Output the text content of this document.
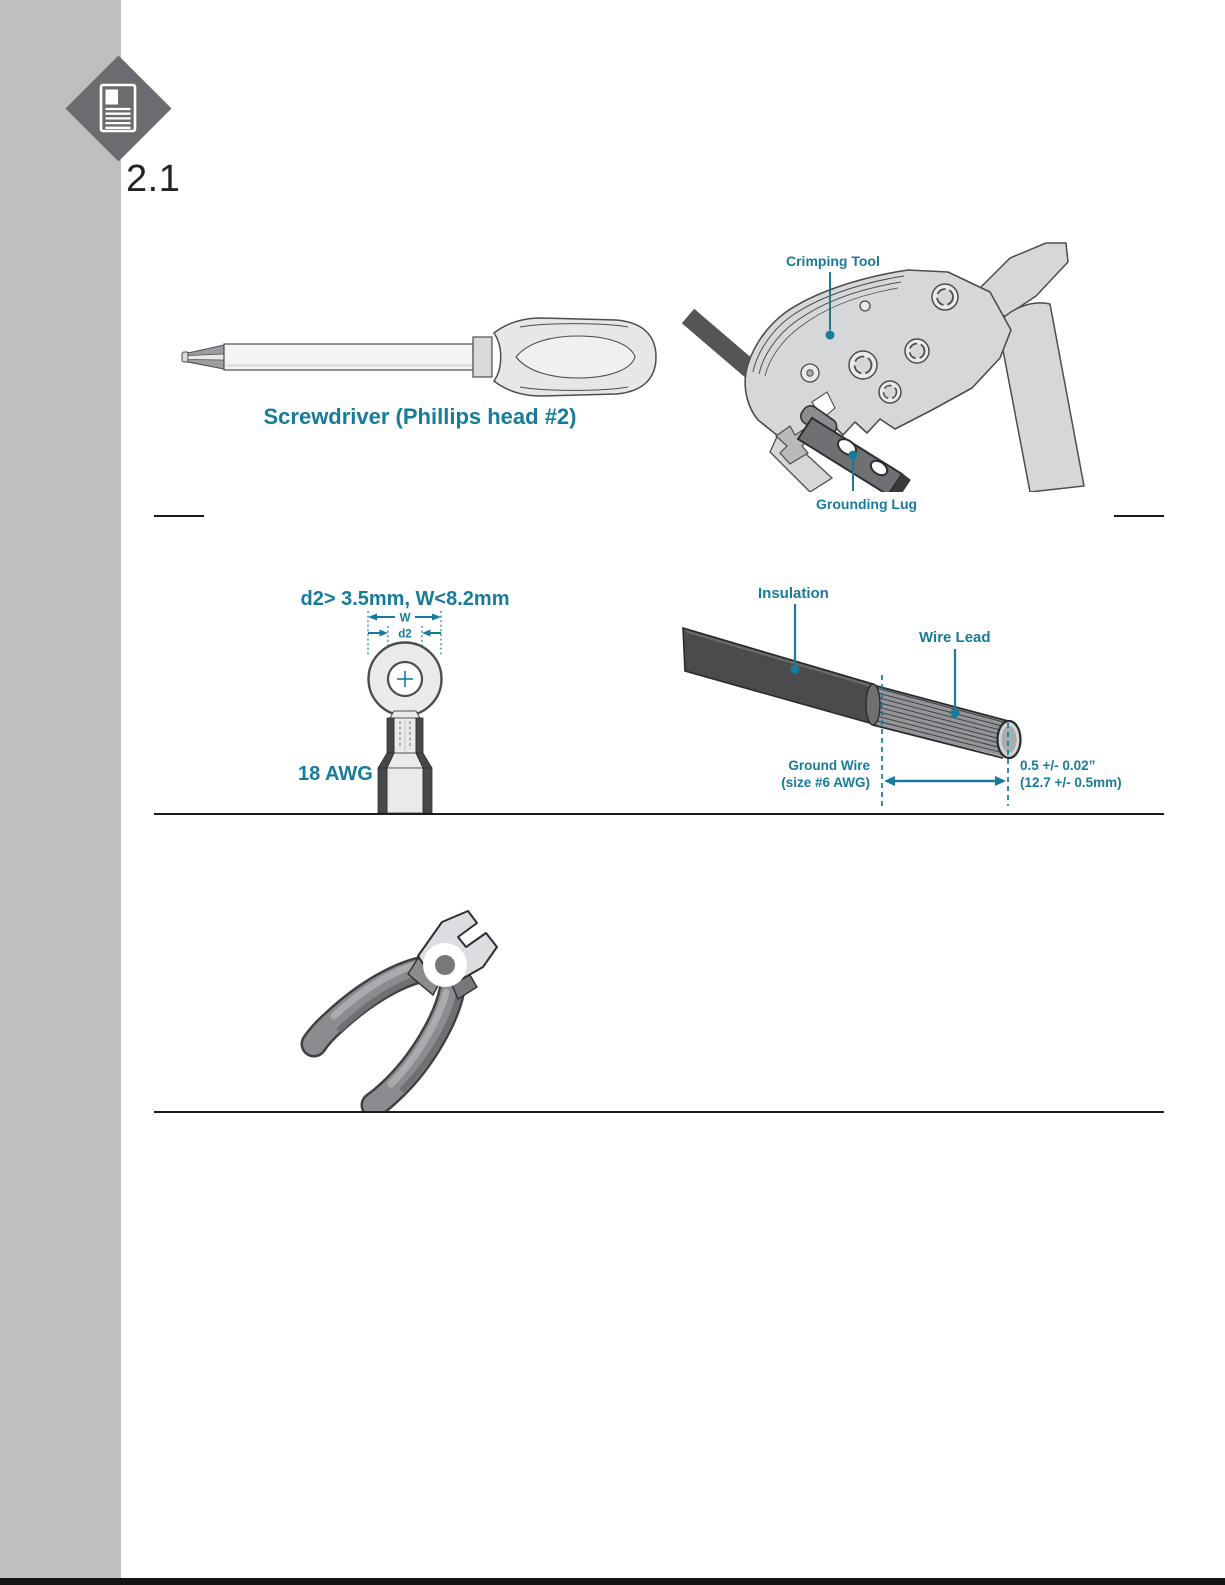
2.1
Screwdriver (Phillips head #2)
Crimping Tool
Grounding Lug
d2> 3.5mm, W<8.2mm
W
d2
18 AWG
Insulation
Wire Lead
Ground Wire
(size #6 AWG)
0.5 +/- 0.02”
(12.7 +/- 0.5mm)
